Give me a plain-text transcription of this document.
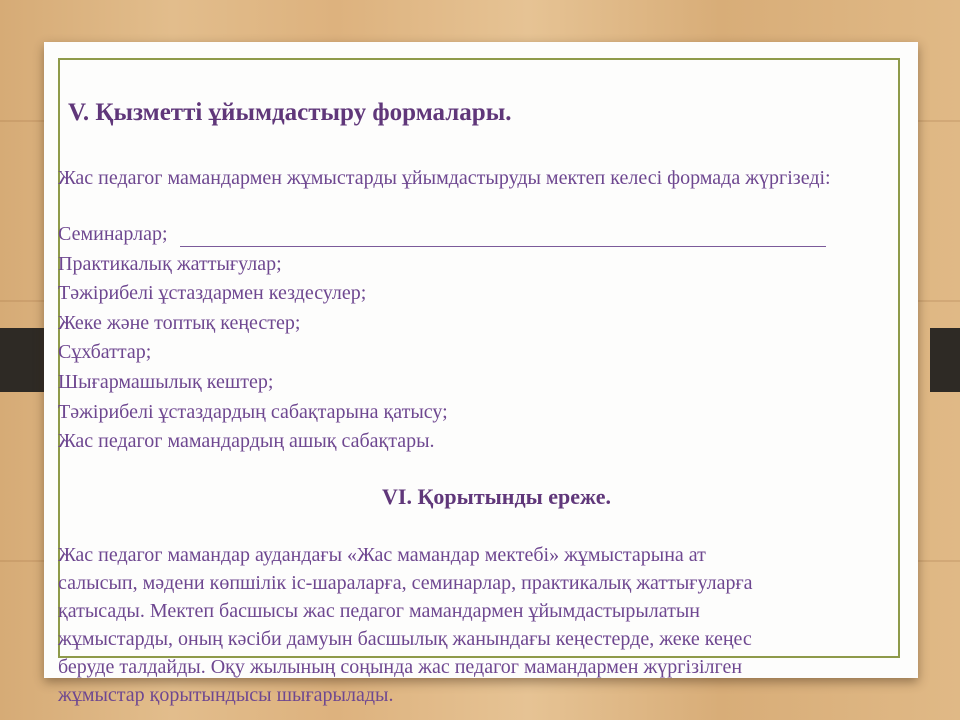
V. Қызметті ұйымдастыру формалары.

Жас педагог мамандармен жұмыстарды ұйымдастыруды мектеп келесі формада жүргізеді:

Семинарлар;
Практикалық жаттығулар;
Тәжірибелі ұстаздармен кездесулер;
Жеке және топтық кеңестер;
Сұхбаттар;
Шығармашылық кештер;
Тәжірибелі ұстаздардың сабақтарына қатысу;
Жас педагог мамандардың ашық сабақтары.
VI. Қорытынды ереже.
Жас педагог мамандар аудандағы «Жас мамандар мектебі» жұмыстарына ат
салысып, мәдени көпшілік іс-шараларға, семинарлар, практикалық жаттығуларға
қатысады. Мектеп басшысы жас педагог мамандармен ұйымдастырылатын
жұмыстарды, оның кәсіби дамуын басшылық жанындағы кеңестерде, жеке кеңес
беруде талдайды. Оқу жылының соңында жас педагог мамандармен жүргізілген
жұмыстар қорытындысы шығарылады.
